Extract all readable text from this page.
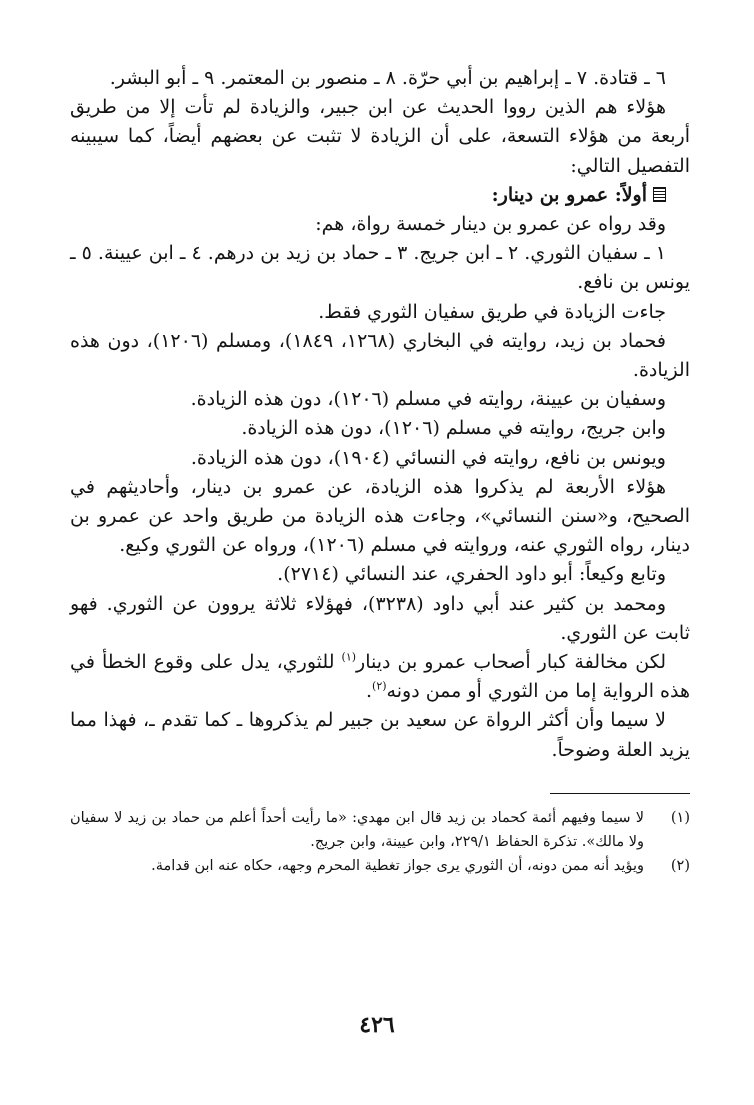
٦ ـ قتادة. ٧ ـ إبراهيم بن أبي حرّة. ٨ ـ منصور بن المعتمر. ٩ ـ أبو البشر.

هؤلاء هم الذين رووا الحديث عن ابن جبير، والزيادة لم تأت إلا من طريق أربعة من هؤلاء التسعة، على أن الزيادة لا تثبت عن بعضهم أيضاً، كما سيبينه التفصيل التالي:

أولاً: عمرو بن دينار:

وقد رواه عن عمرو بن دينار خمسة رواة، هم:

١ ـ سفيان الثوري. ٢ ـ ابن جريج. ٣ ـ حماد بن زيد بن درهم. ٤ ـ ابن عيينة. ٥ ـ يونس بن نافع.

جاءت الزيادة في طريق سفيان الثوري فقط.

فحماد بن زيد، روايته في البخاري (١٢٦٨، ١٨٤٩)، ومسلم (١٢٠٦)، دون هذه الزيادة.

وسفيان بن عيينة، روايته في مسلم (١٢٠٦)، دون هذه الزيادة.

وابن جريج، روايته في مسلم (١٢٠٦)، دون هذه الزيادة.

ويونس بن نافع، روايته في النسائي (١٩٠٤)، دون هذه الزيادة.

هؤلاء الأربعة لم يذكروا هذه الزيادة، عن عمرو بن دينار، وأحاديثهم في الصحيح، و«سنن النسائي»، وجاءت هذه الزيادة من طريق واحد عن عمرو بن دينار، رواه الثوري عنه، وروايته في مسلم (١٢٠٦)، ورواه عن الثوري وكيع.

وتابع وكيعاً: أبو داود الحفري، عند النسائي (٢٧١٤).

ومحمد بن كثير عند أبي داود (٣٢٣٨)، فهؤلاء ثلاثة يروون عن الثوري. فهو ثابت عن الثوري.

لكن مخالفة كبار أصحاب عمرو بن دينار$^{(١)}$ للثوري، يدل على وقوع الخطأ في هذه الرواية إما من الثوري أو ممن دونه$^{(٢)}$.

لا سيما وأن أكثر الرواة عن سعيد بن جبير لم يذكروها ـ كما تقدم ـ، فهذا مما يزيد العلة وضوحاً.

(١)لا سيما وفيهم أئمة كحماد بن زيد قال ابن مهدي: «ما رأيت أحداً أعلم من حماد بن زيد لا سفيان ولا مالك». تذكرة الحفاظ ٢٢٩/١، وابن عيينة، وابن جريج.

(٢)ويؤيد أنه ممن دونه، أن الثوري يرى جواز تغطية المحرم وجهه، حكاه عنه ابن قدامة.

٤٢٦
